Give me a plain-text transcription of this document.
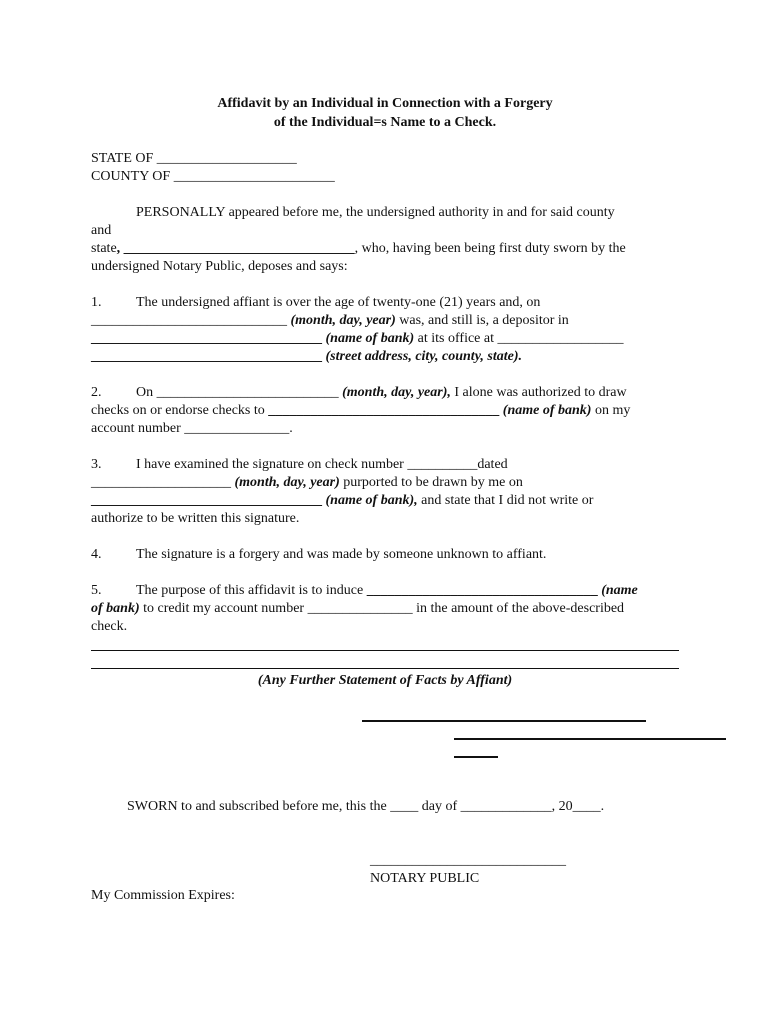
Affidavit by an Individual in Connection with a Forgery
of the Individual=s Name to a Check.
STATE OF ____________________
COUNTY OF _______________________
PERSONALLY appeared before me, the undersigned authority in and for said county
and
state, _________________________________, who, having been being first duty sworn by the
undersigned Notary Public, deposes and says:
1. The undersigned affiant is over the age of twenty-one (21) years and, on
____________________________ (month, day, year) was, and still is, a depositor in
_________________________________ (name of bank) at its office at __________________
_________________________________ (street address, city, county, state).
2. On __________________________ (month, day, year), I alone was authorized to draw
checks on or endorse checks to _________________________________ (name of bank) on my
account number _______________.
3. I have examined the signature on check number __________dated
____________________ (month, day, year) purported to be drawn by me on
_________________________________ (name of bank), and state that I did not write or
authorize to be written this signature.
4. The signature is a forgery and was made by someone unknown to affiant.
5. The purpose of this affidavit is to induce _________________________________ (name
of bank) to credit my account number _______________ in the amount of the above-described
check.
(Any Further Statement of Facts by Affiant)
SWORN to and subscribed before me, this the ____ day of _____________, 20____.
____________________________
NOTARY PUBLIC
My Commission Expires:
